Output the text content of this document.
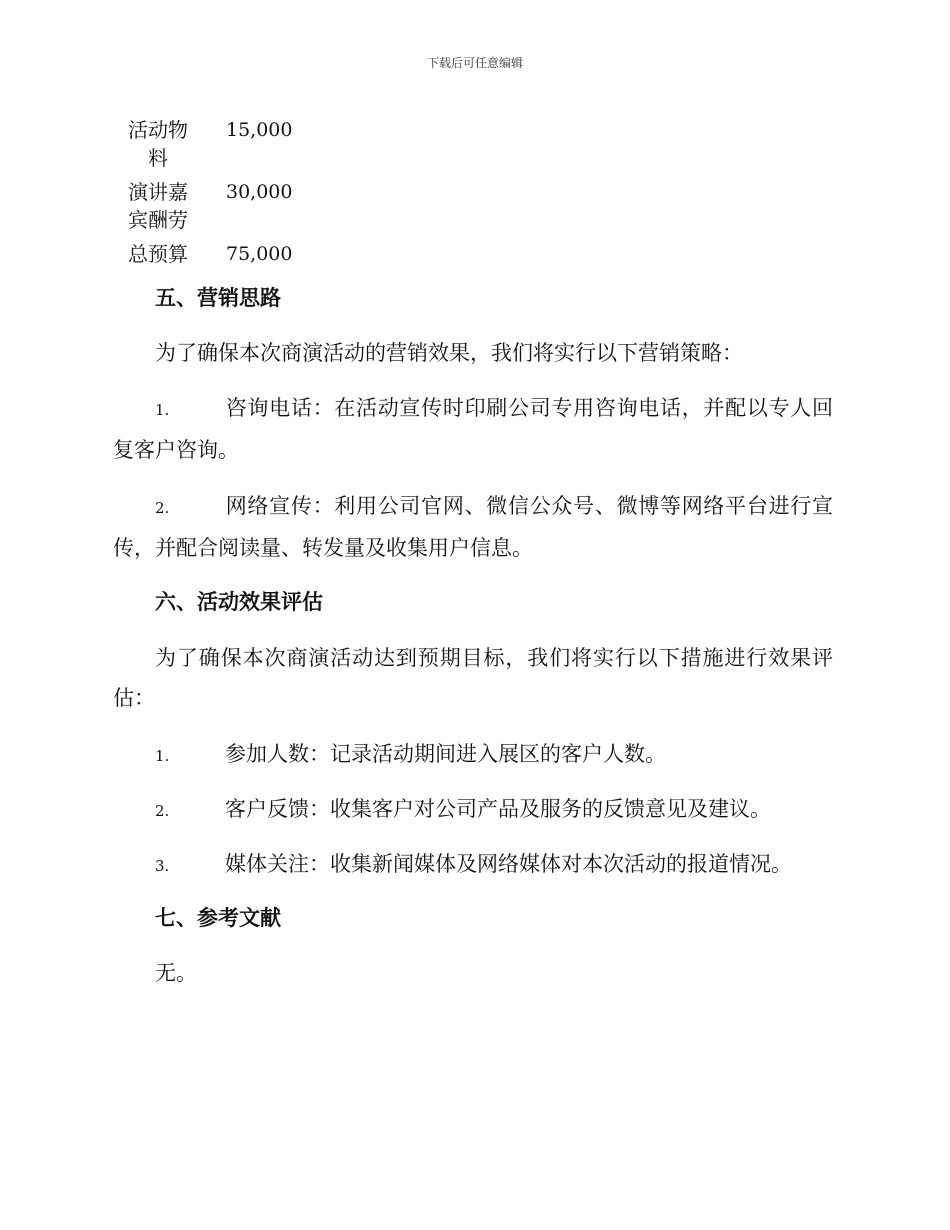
下载后可任意编辑
活动物料	15,000
演讲嘉宾酬劳	30,000
总预算	75,000

五、营销思路

为了确保本次商演活动的营销效果，我们将实行以下营销策略：

1.	咨询电话：在活动宣传时印刷公司专用咨询电话，并配以专人回复客户咨询。

2.	网络宣传：利用公司官网、微信公众号、微博等网络平台进行宣传，并配合阅读量、转发量及收集用户信息。

六、活动效果评估

为了确保本次商演活动达到预期目标，我们将实行以下措施进行效果评估：

1.	参加人数：记录活动期间进入展区的客户人数。

2.	客户反馈：收集客户对公司产品及服务的反馈意见及建议。

3.	媒体关注：收集新闻媒体及网络媒体对本次活动的报道情况。

七、参考文献

无。
